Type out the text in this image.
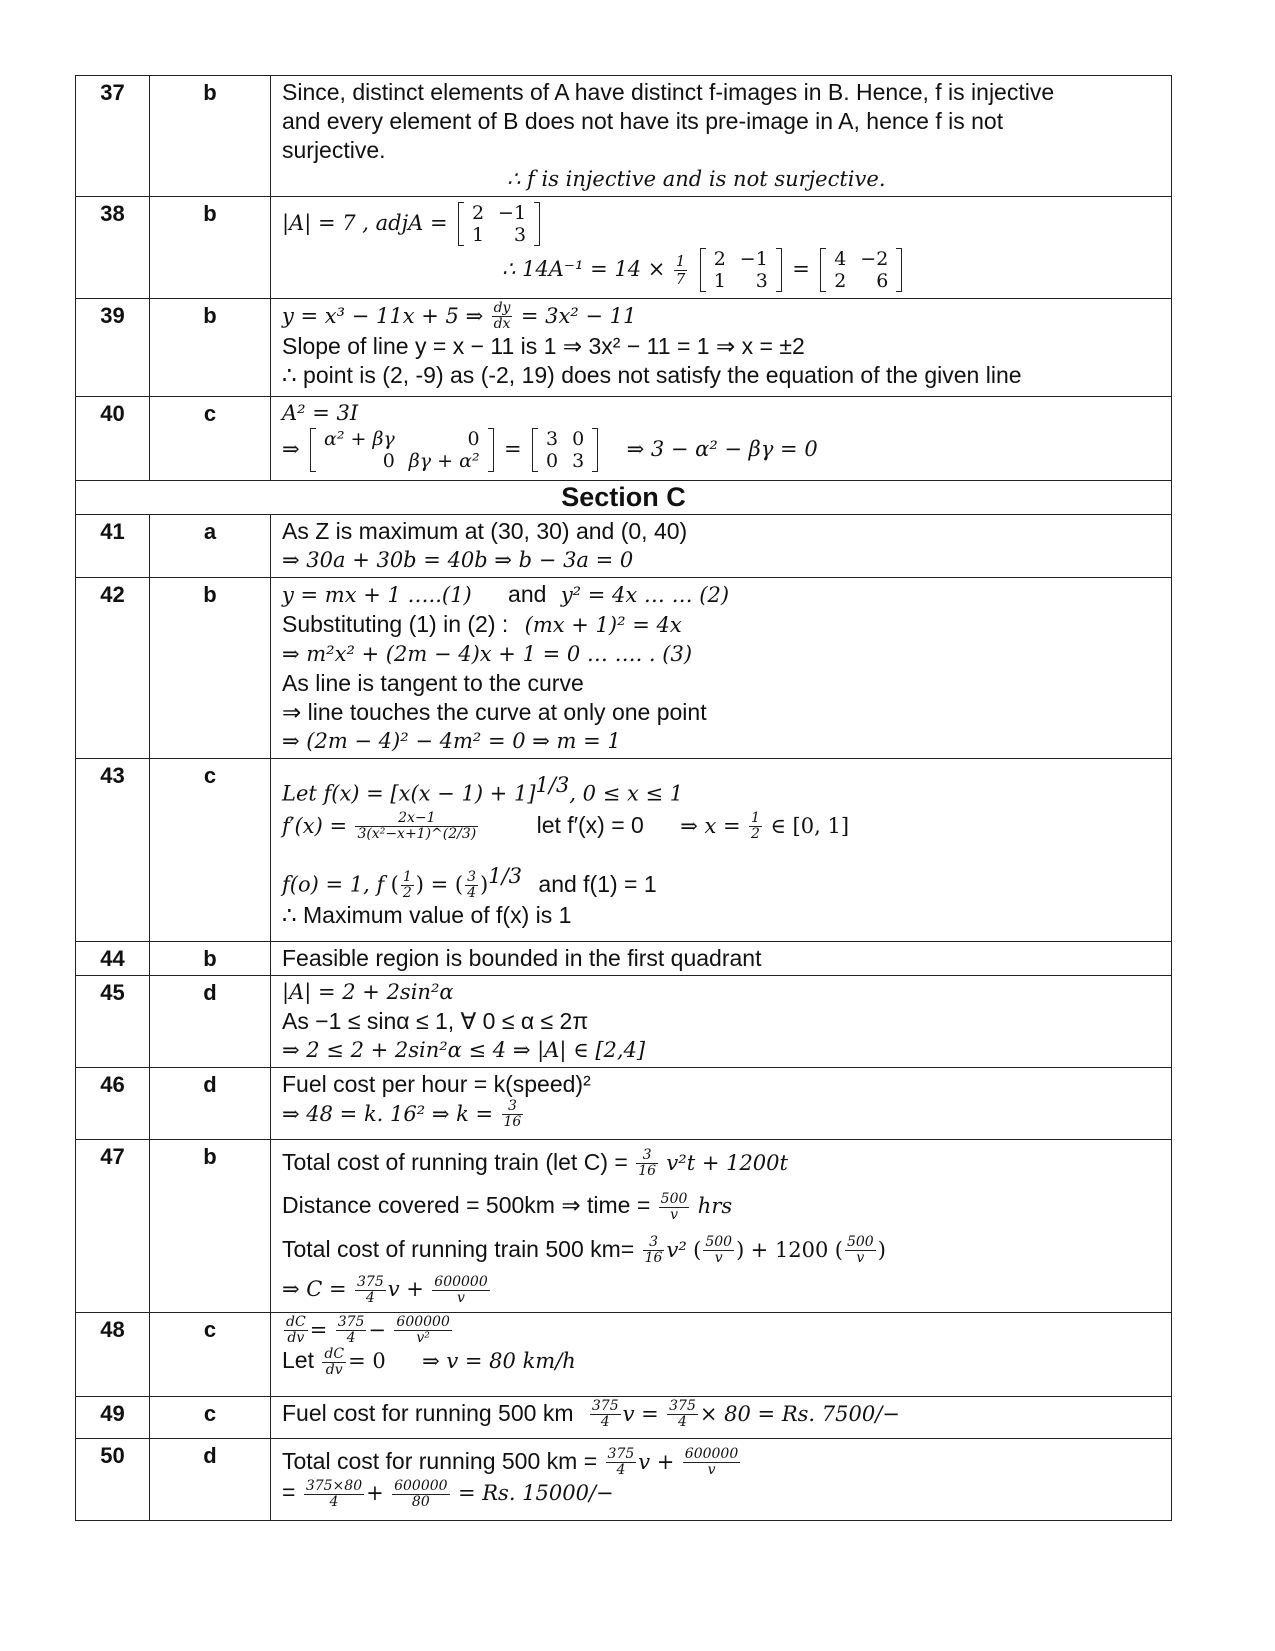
37	b	Since, distinct elements of A have distinct f-images in B. Hence, f is injective
and every element of B does not have its pre-image in A, hence f is not
surjective.
∴ f is injective and is not surjective.

38	b	|A| = 7 , adjA = 2	−1
1	3
∴ $14A^{-1} = 14 \times \frac{1}{7}$
2	−1
1	3 = 4	−2
2	6

39	b	y = x³ − 11x + 5 ⇒ $\frac{dy}{dx} = 3x^2 - 11$
Slope of line y = x − 11 is 1 ⇒ 3x² − 11 = 1 ⇒ x = ±2
∴ point is (2, -9) as (-2, 19) does not satisfy the equation of the given line

40	c	A² = 3I
⇒ α² + βγ	0
0	βγ + α² = 3	0
0	3 ⇒ 3 − α² − βγ = 0

Section C
41	a	As Z is maximum at (30, 30) and (0, 40)
⇒ 30a + 30b = 40b ⇒ b − 3a = 0

42	b	y = mx + 1 …..(1) and y² = 4x … … (2)
Substituting (1) in (2) : (mx + 1)² = 4x
⇒ m²x² + (2m − 4)x + 1 = 0 … …. . (3)
As line is tangent to the curve
⇒ line touches the curve at only one point
⇒ (2m − 4)² − 4m² = 0 ⇒ m = 1

43	c	
Let $f(x) = [x(x - 1) + 1]^{1/3}$, 0 ≤ x ≤ 1
$f'(x) = \frac{2x-1}{\text{3(x²−x+1)\textasciicircum{}(2/3)}}$	let f′(x) = 0 ⇒ $x = \frac{1}{2}$ ∈ [0, 1]
f(o) = 1, f ( $\frac{1}{2}$ ) = ( $\frac{3}{4} )^{1/3}$ and f(1) = 1
∴ Maximum value of f(x) is 1

44	b	Feasible region is bounded in the first quadrant

45	d	|A| = 2 + 2sin²α
As −1 ≤ sinα ≤ 1, ∀ 0 ≤ α ≤ 2π
⇒ 2 ≤ 2 + 2sin²α ≤ 4 ⇒ |A| ∈ [2,4]

46	d	Fuel cost per hour = k(speed)²
⇒ 48 = k. 16² ⇒ $k = \frac{3}{16}$

47	b	Total cost of running train (let $C) = \frac{3}{16} v^2t + 1200t$
Distance covered = 500km ⇒ time = $\frac{500}{v}$ hrs
Total cost of running train 500 $km= \frac{3}{16} v^2$ ( $\frac{500}{v}$ ) + 1200 ( $\frac{500}{v}$ )
⇒ $C = \frac{375}{4}$ $v + \frac{600000}{v}$

48	c	$\frac{dC}{dv} = \frac{375}{4} - \frac{600000}{\text{v²}}$
Let $\frac{dC}{dv} = 0$ ⇒ v = 80 km/h

49	c	Fuel cost for running 500 km $\frac{375}{4}$ $v = \frac{375}{4} \times 80 = Rs$. 7500/−

50	d	Total cost for running 500 km = $\frac{375}{4}$ $v + \frac{600000}{v}$
= $\frac{375\times 80}{4} + \frac{600000}{80} = Rs$. 15000/−
